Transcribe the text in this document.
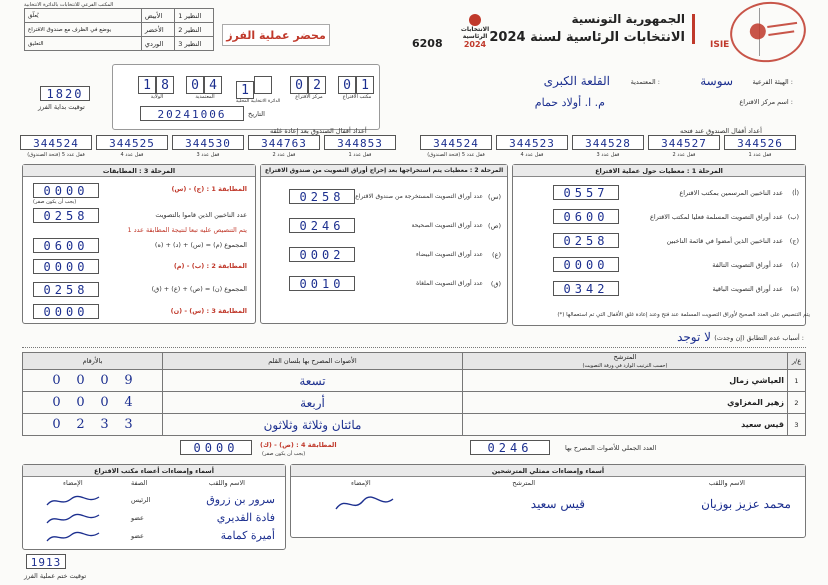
ISIE
الجمهورية التونسية
الانتخابات الرئاسية لسنة 2024
الانتخابات الرئاسية
2024
6208
محضر عملية الفرز
يُعلّق	الأبيض	النظير 1
يوضع في الظرف مع صندوق الاقتراع	الأخضر	النظير 2
التعليق	الوردي	النظير 3
المكتب الفرعي للانتخابات بالدائرة الانتخابية
0 1
مكتب الاقتراع
0 2
مركز الاقتراع
1
الدائرة الانتخابية المحلية
0 4
المعتمدية
1 8
الولاية
20241006	التاريخ
1820
توقيت بداية الفرز
الهيئة الفرعية :
سوسة
المعتمدية :
القلعة الكبرى
اسم مركز الاقتراع :
م. ا. أولاد حمام
أعداد أقفال الصندوق عند فتحه
أعداد أقفال الصندوق بعد إعادة غلقه
344526
قفل عدد 1
344527
قفل عدد 2
344528
قفل عدد 3
344523
قفل عدد 4
344524
قفل عدد 5 (فتحة الصندوق)
344853
قفل عدد 1
344763
قفل عدد 2
344530
قفل عدد 3
344525
قفل عدد 4
344524
قفل عدد 5 (فتحة الصندوق)
المرحلة 1 : معطيات حول عملية الاقتراع
(أ)
عدد الناخبين المرسمين بمكتب الاقتراع
0557
(ب)
عدد أوراق التصويت المسلمة فعليا لمكتب الاقتراع
0600
(ج)
عدد الناخبين الذين أمضوا في قائمة الناخبين
0258
(د)
عدد أوراق التصويت التالفة
0000
(ه)
عدد أوراق التصويت الباقية
0342
(*) يتم التنصيص على العدد الصحيح لأوراق التصويت المسلمة عند فتح وعند إعادة غلق الأقفال التي تم استعمالها
المرحلة 2 : معطيات يتم استخراجها بعد إخراج أوراق التصويت من صندوق الاقتراع
(س)
عدد أوراق التصويت المستخرجة من صندوق الاقتراع
0258
(ص)
عدد أوراق التصويت الصحيحة
0246
(ع)
عدد أوراق التصويت البيضاء
0002
(ق)
عدد أوراق التصويت الملغاة
0010
المرحلة 3 : المطابقات
0000	المطابقة 1 : (ج) - (س)
(يجب أن يكون صفر)
0258	عدد الناخبين الذين قاموا بالتصويت
يتم التنصيص عليه تبعا لنتيجة المطابقة عدد 1
0600	المجموع (م) = (س) + (د) + (ه)
0000	المطابقة 2 : (ب) - (م)
0258	المجموع (ن) = (ص) + (ع) + (ق)
0000	المطابقة 3 : (س) - (ن)
أسباب عدم التطابق (إن وجدت) :
لا توجد
ع/ر	المترشح
(حسب الترتيب الوارد في ورقة التصويت)	الأصوات المصرح بها بلسان القلم	بالأرقام
1	العياشي زمال	تسعة	0 0 0 9
2	زهير المغزاوي	أربعة	0 0 0 4
3	قيس سعيد	مائتان وثلاثة وثلاثون	0 2 3 3
العدد الجملي للأصوات المصرح بها
0246
المطابقة 4 : (ص) - (ك)
(يجب أن يكون صفر)
0000
أسماء وإمضاءات ممثلي المترشحين
الاسم واللقب
المترشح
الإمضاء
محمد عزيز بوزيان
قيس سعيد
أسماء وإمضاءات أعضاء مكتب الاقتراع
الاسم واللقب
الصفة
الإمضاء
سرور بن زروق
الرئيس
فادة القديري
عضو
أميرة كمامة
عضو
1913
توقيت ختم عملية الفرز
